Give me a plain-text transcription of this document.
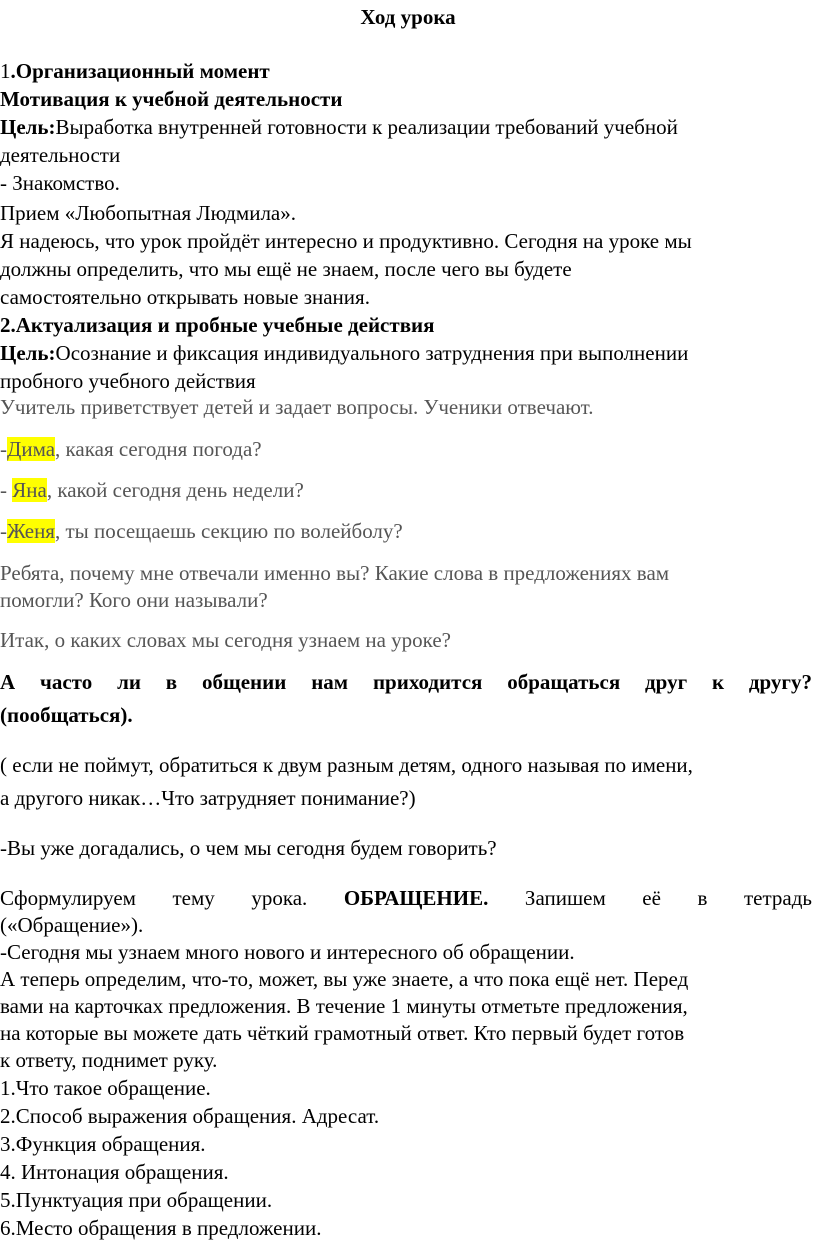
Ход урока
1.Организационный момент
Мотивация к учебной деятельности
Цель:Выработка внутренней готовности к реализации требований учебной
деятельности
- Знакомство.
Прием «Любопытная Людмила».
Я надеюсь, что урок пройдёт интересно и продуктивно. Сегодня на уроке мы
должны определить, что мы ещё не знаем, после чего вы будете
самостоятельно открывать новые знания.
2.Актуализация и пробные учебные действия
Цель:Осознание и фиксация индивидуального затруднения при выполнении
пробного учебного действия
Учитель приветствует детей и задает вопросы. Ученики отвечают.
-Дима, какая сегодня погода?
- Яна, какой сегодня день недели?
-Женя, ты посещаешь секцию по волейболу?
Ребята, почему мне отвечали именно вы? Какие слова в предложениях вам
помогли? Кого они называли?
Итак, о каких словах мы сегодня узнаем на уроке?
А часто ли в общении нам приходится обращаться друг к другу?
(пообщаться).
( если не поймут, обратиться к двум разным детям, одного называя по имени,
а другого никак…Что затрудняет понимание?)
-Вы уже догадались, о чем мы сегодня будем говорить?
Сформулируем тему урока. ОБРАЩЕНИЕ. Запишем её в тетрадь
(«Обращение»).
-Сегодня мы узнаем много нового и интересного об обращении.
А теперь определим, что-то, может, вы уже знаете, а что пока ещё нет. Перед
вами на карточках предложения. В течение 1 минуты отметьте предложения,
на которые вы можете дать чёткий грамотный ответ. Кто первый будет готов
к ответу, поднимет руку.
1.Что такое обращение.
2.Способ выражения обращения. Адресат.
3.Функция обращения.
4. Интонация обращения.
5.Пунктуация при обращении.
6.Место обращения в предложении.
